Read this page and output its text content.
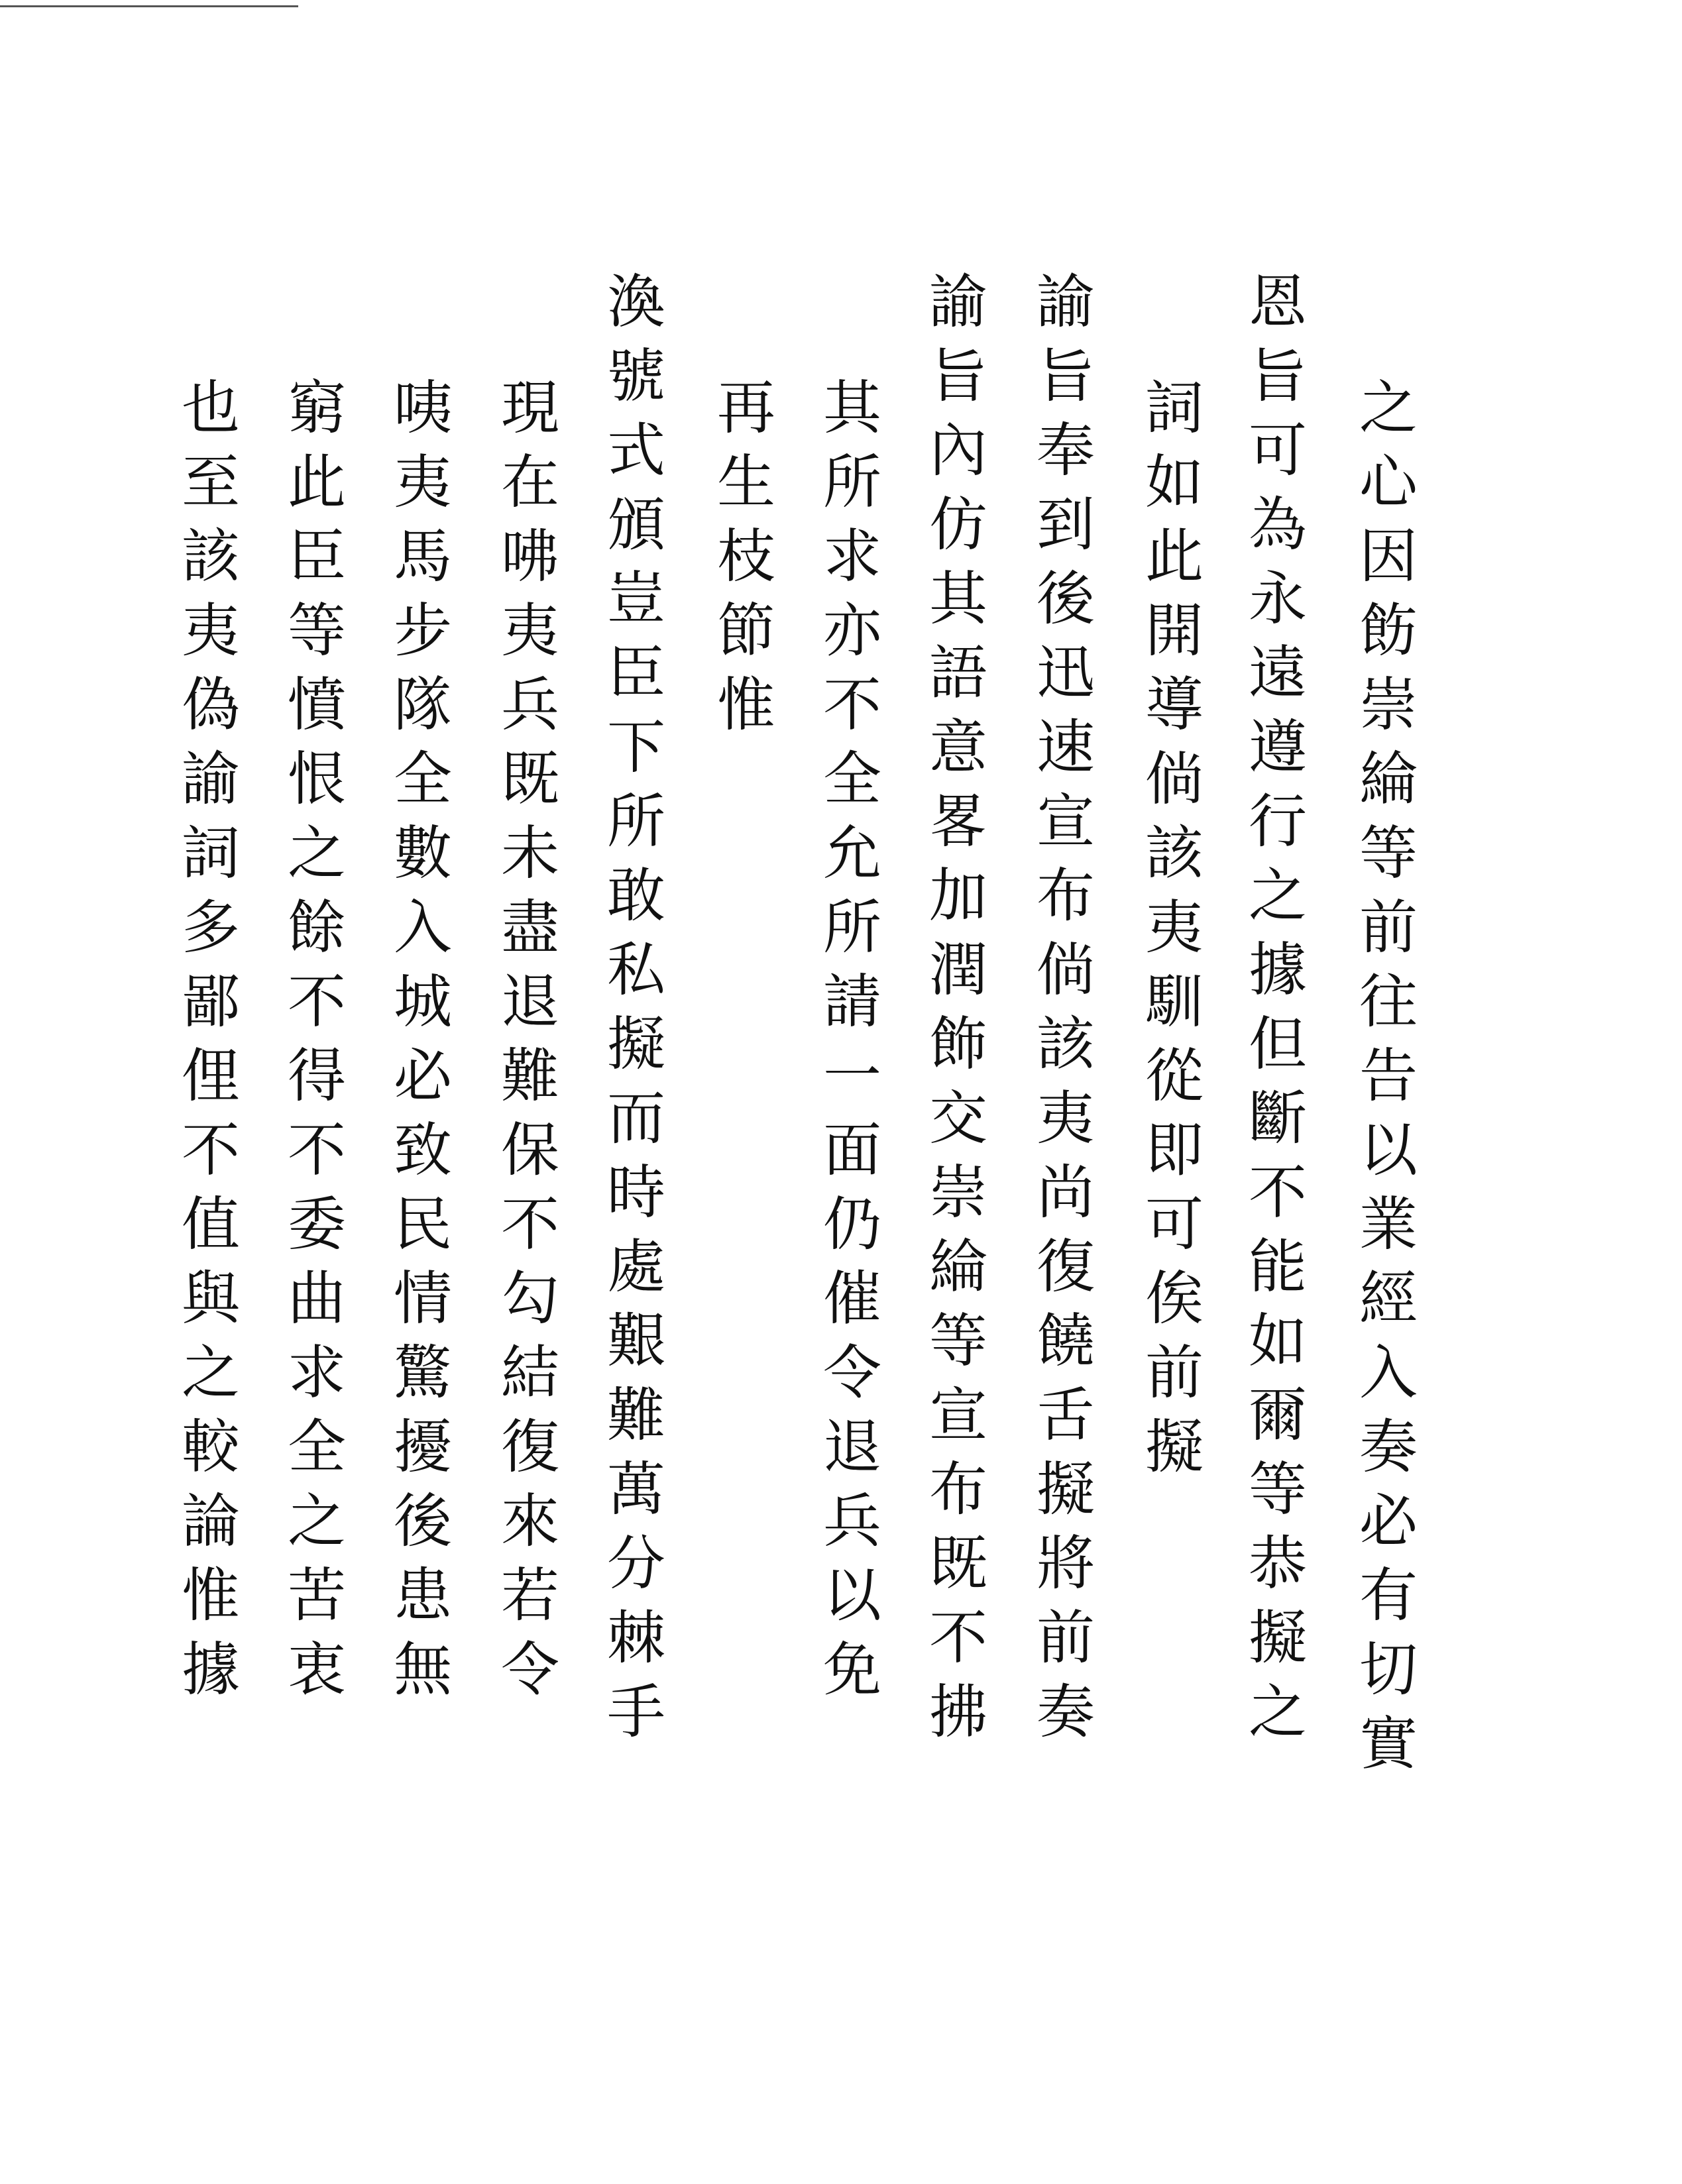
之
心
因
飭
崇
綸
等
前
往
告
以
業
經
入
奏
必
有
切
實
恩
旨
可
為
永
遠
遵
行
之
據
但
斷
不
能
如
爾
等
恭
擬
之
詞
如
此
開
導
倘
該
夷
馴
從
即
可
俟
前
擬
諭
旨
奉
到
後
迅
速
宣
布
倘
該
夷
尚
復
饒
舌
擬
將
前
奏
諭
旨
內
仿
其
語
意
畧
加
潤
飾
交
崇
綸
等
宣
布
既
不
拂
其
所
求
亦
不
全
允
所
請
一
面
仍
催
令
退
兵
以
免
再
生
枝
節
惟
渙
號
式
頒
豈
臣
下
所
敢
私
擬
而
時
處
艱
難
萬
分
棘
手
現
在
咈
夷
兵
既
未
盡
退
難
保
不
勾
結
復
來
若
令
咦
夷
馬
步
隊
全
數
入
城
必
致
民
情
驚
擾
後
患
無
窮
此
臣
等
憤
恨
之
餘
不
得
不
委
曲
求
全
之
苦
衷
也
至
該
夷
偽
諭
詞
多
鄙
俚
不
值
與
之
較
論
惟
據
